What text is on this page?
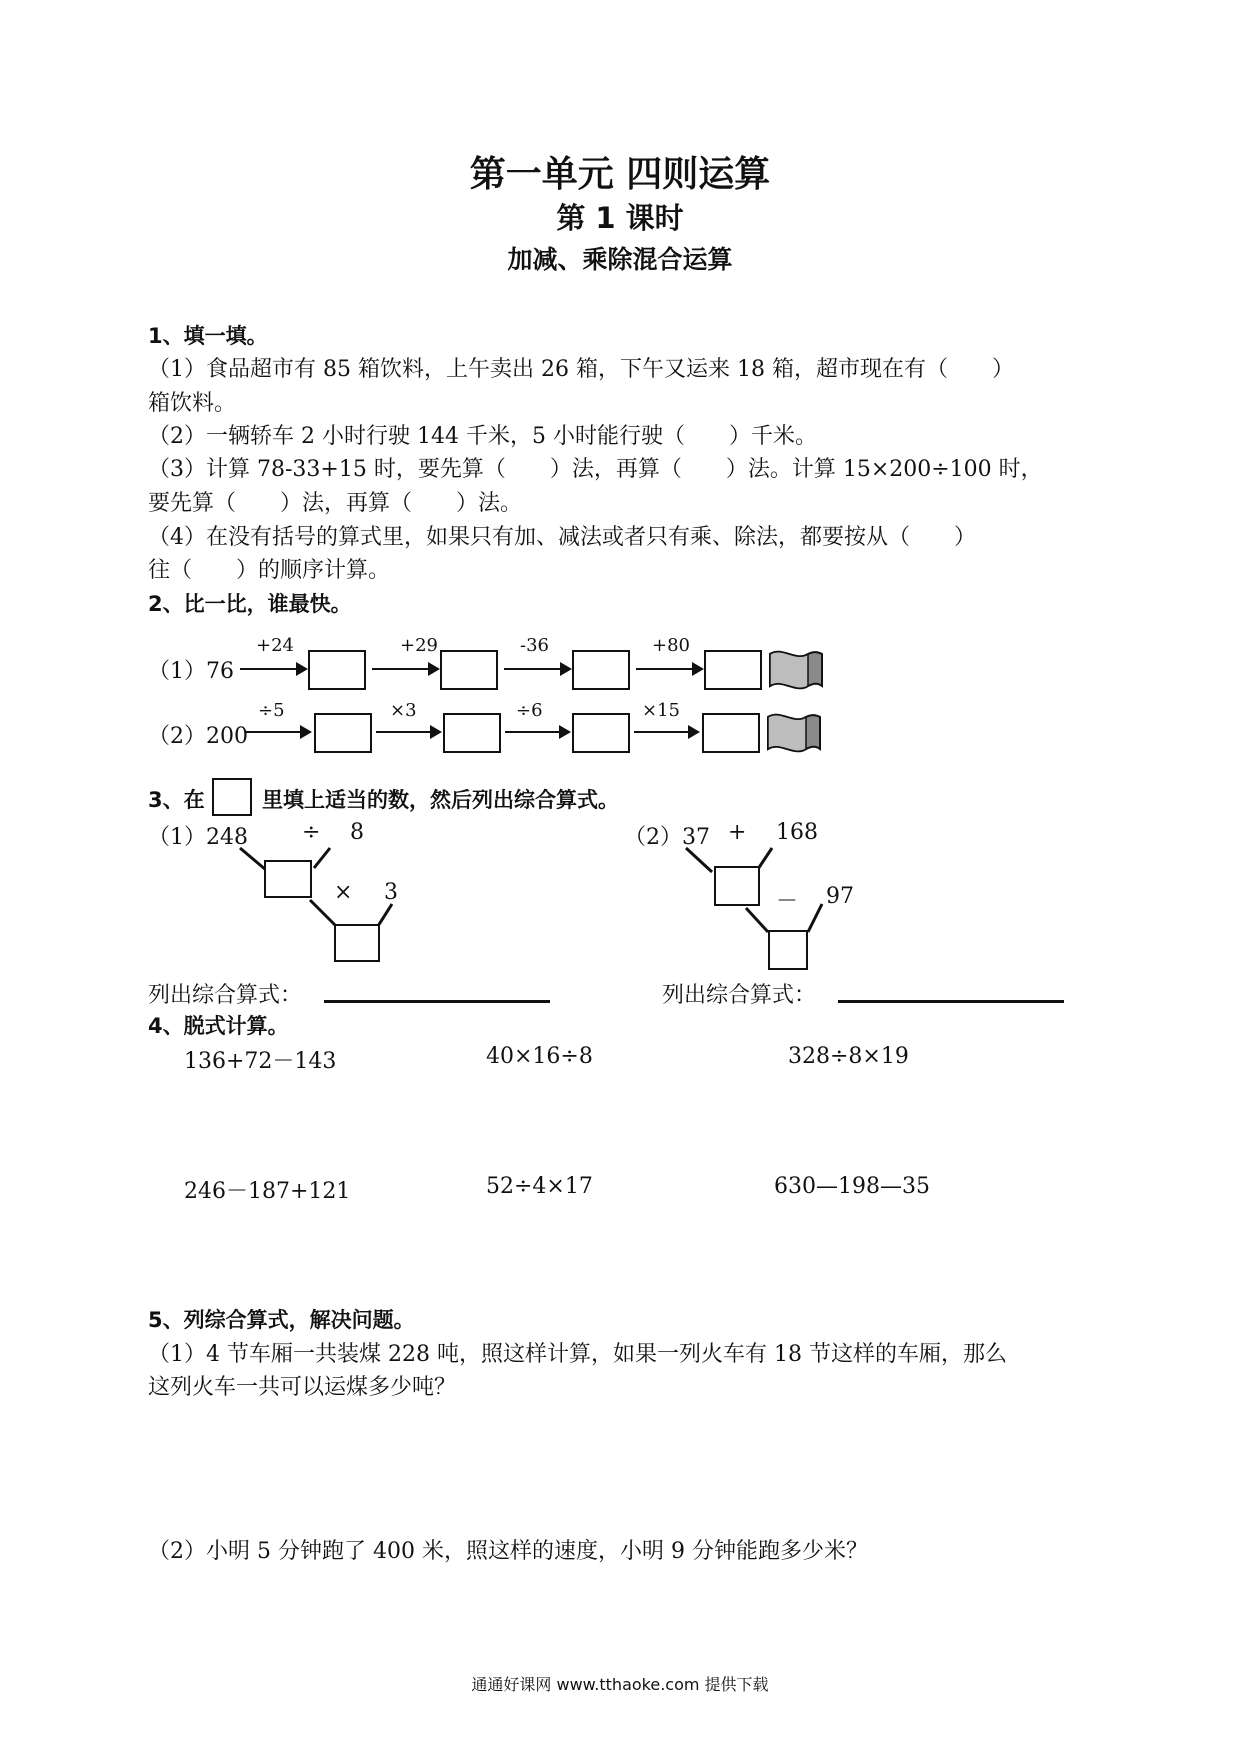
第一单元 四则运算
第 1 课时
加减、乘除混合运算
1、填一填。
（1）食品超市有 85 箱饮料，上午卖出 26 箱，下午又运来 18 箱，超市现在有（　　）
箱饮料。
（2）一辆轿车 2 小时行驶 144 千米，5 小时能行驶（　　）千米。
（3）计算 78-33+15 时，要先算（　　）法，再算（　　）法。计算 15×200÷100 时，
要先算（　　）法，再算（　　）法。
（4）在没有括号的算式里，如果只有加、减法或者只有乘、除法，都要按从（　　）
往（　　）的顺序计算。
2、比一比，谁最快。
（1）76
+24	+29	-36	+80
（2）200
÷5	×3	÷6	×15
3、在	里填上适当的数，然后列出综合算式。
（1）248 ÷ 8
× 3
（2）37 + 168
－ 97
列出综合算式：	列出综合算式：
4、脱式计算。
136+72－143	40×16÷8	328÷8×19
246－187+121	52÷4×17	630—198—35
5、列综合算式，解决问题。
（1）4 节车厢一共装煤 228 吨，照这样计算，如果一列火车有 18 节这样的车厢，那么
这列火车一共可以运煤多少吨？
（2）小明 5 分钟跑了 400 米，照这样的速度，小明 9 分钟能跑多少米？
通通好课网 www.tthaoke.com 提供下载
